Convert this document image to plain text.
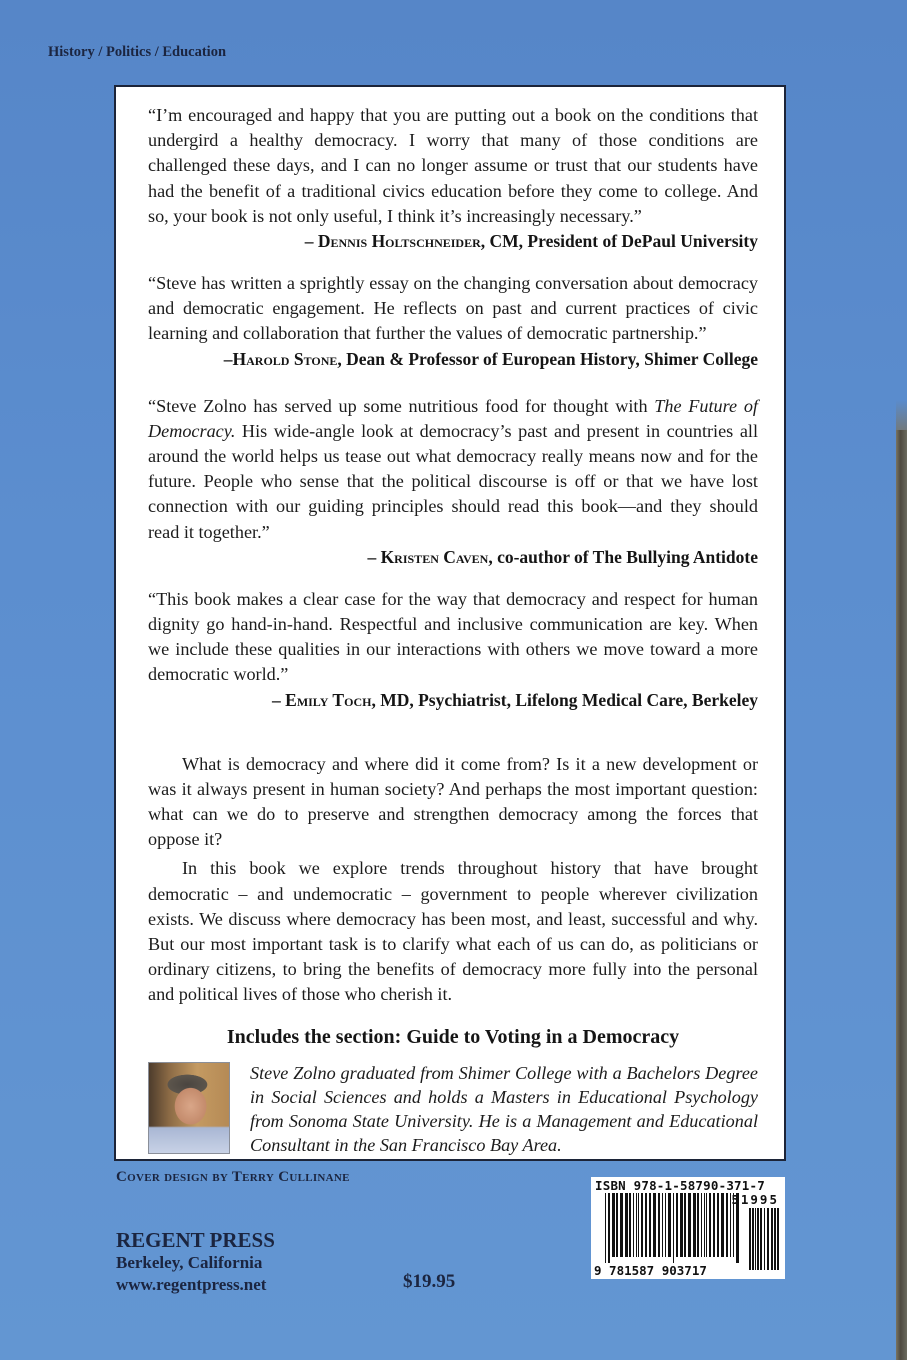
History / Politics / Education

“I’m encouraged and happy that you are putting out a book on the conditions that undergird a healthy democracy. I worry that many of those conditions are challenged these days, and I can no longer assume or trust that our students have had the benefit of a traditional civics education before they come to college. And so, your book is not only useful, I think it’s increasingly necessary.”

– Dennis Holtschneider, CM, President of DePaul University

“Steve has written a sprightly essay on the changing conversation about democracy and democratic engagement. He reflects on past and current practices of civic learning and collaboration that further the values of democratic partnership.”

–Harold Stone, Dean & Professor of European History, Shimer College

“Steve Zolno has served up some nutritious food for thought with The Future of Democracy. His wide-angle look at democracy’s past and present in countries all around the world helps us tease out what democracy really means now and for the future. People who sense that the political discourse is off or that we have lost connection with our guiding principles should read this book—and they should read it together.”

– Kristen Caven, co-author of The Bullying Antidote

“This book makes a clear case for the way that democracy and respect for human dignity go hand-in-hand. Respectful and inclusive communication are key. When we include these qualities in our interactions with others we move toward a more democratic world.”

– Emily Toch, MD, Psychiatrist, Lifelong Medical Care, Berkeley

What is democracy and where did it come from? Is it a new development or was it always present in human society? And perhaps the most important question: what can we do to preserve and strengthen democracy among the forces that oppose it?

In this book we explore trends throughout history that have brought democratic – and undemocratic – government to people wherever civilization exists. We discuss where democracy has been most, and least, successful and why. But our most important task is to clarify what each of us can do, as politicians or ordinary citizens, to bring the benefits of democracy more fully into the personal and political lives of those who cherish it.

Includes the section: Guide to Voting in a Democracy

Steve Zolno graduated from Shimer College with a Bachelors Degree in Social Sciences and holds a Masters in Educational Psychology from Sonoma State University. He is a Management and Educational Consultant in the San Francisco Bay Area.

Cover design by Terry Cullinane
REGENT PRESS
Berkeley, California
www.regentpress.net	$19.95
ISBN 978-1-58790-371-7
51995
9 781587 903717
